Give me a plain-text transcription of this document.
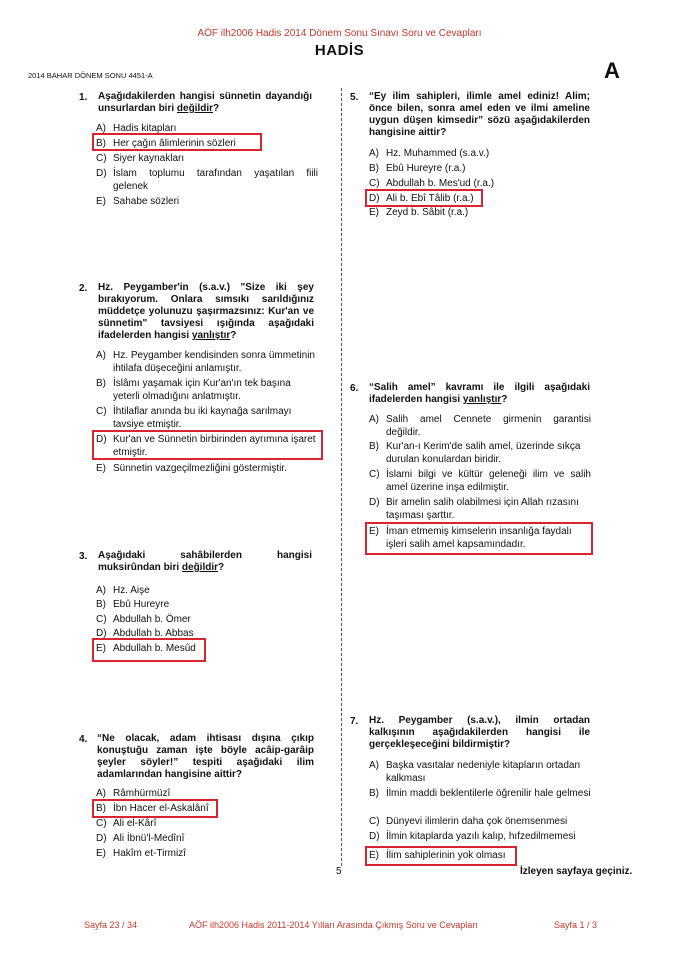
AÖF ilh2006 Hadis 2014 Dönem Sonu Sınavı Soru ve Cevapları
HADİS
2014 BAHAR DÖNEM SONU 4451-A	A
1. Aşağıdakilerden hangisi sünnetin dayandığı unsurlardan biri değildir?
A) Hadis kitapları
B) Her çağın âlimlerinin sözleri
C) Siyer kaynakları
D) İslam toplumu tarafından yaşatılan fiili gelenek
E) Sahabe sözleri
2. Hz. Peygamber'in (s.a.v.) "Size iki şey bırakıyorum. Onlara sımsıkı sarıldığınız müddetçe yolunuzu şaşırmazsınız: Kur'an ve sünnetim" tavsiyesi ışığında aşağıdaki ifadelerden hangisi yanlıştır?
A) Hz. Peygamber kendisinden sonra ümmetinin ihtilafa düşeceğini anlamıştır.
B) İslâmı yaşamak için Kur'an'ın tek başına yeterli olmadığını anlatmıştır.
C) İhtilaflar anında bu iki kaynağa sarılmayı tavsiye etmiştir.
D) Kur'an ve Sünnetin birbirinden ayrımına işaret etmiştir.
E) Sünnetin vazgeçilmezliğini göstermiştir.
3. Aşağıdaki sahâbilerden hangisi muksirûndan biri değildir?
A) Hz. Aişe
B) Ebû Hureyre
C) Abdullah b. Ömer
D) Abdullah b. Abbas
E) Abdullah b. Mesûd
4. “Ne olacak, adam ihtisası dışına çıkıp konuştuğu zaman işte böyle acâip-garâip şeyler söyler!” tespiti aşağıdaki ilim adamlarından hangisine aittir?
A) Râmhürmüzî
B) İbn Hacer el-Askalânî
C) Ali el-Kârî
D) Ali İbnü'l-Medînî
E) Hakîm et-Tirmizî
5. “Ey ilim sahipleri, ilimle amel ediniz! Alim; önce bilen, sonra amel eden ve ilmi ameline uygun düşen kimsedir” sözü aşağıdakilerden hangisine aittir?
A) Hz. Muhammed (s.a.v.)
B) Ebû Hureyre (r.a.)
C) Abdullah b. Mes'ud (r.a.)
D) Ali b. Ebî Tâlib (r.a.)
E) Zeyd b. Sâbit (r.a.)
6. “Salih amel” kavramı ile ilgili aşağıdaki ifadelerden hangisi yanlıştır?
A) Salih amel Cennete girmenin garantisi değildir.
B) Kur'an-ı Kerim'de salih amel, üzerinde sıkça durulan konulardan biridir.
C) İslami bilgi ve kültür geleneği ilim ve salih amel üzerine inşa edilmiştir.
D) Bir amelin salih olabilmesi için Allah rızasını taşıması şarttır.
E) İman etmemiş kimselerin insanlığa faydalı işleri salih amel kapsamındadır.
7. Hz. Peygamber (s.a.v.), ilmin ortadan kalkışının aşağıdakilerden hangisi ile gerçekleşeceğini bildirmiştir?
A) Başka vasıtalar nedeniyle kitapların ortadan kalkması
B) İlmin maddi beklentilerle öğrenilir hale gelmesi
C) Dünyevi ilimlerin daha çok önemsenmesi
D) İlmin kitaplarda yazılı kalıp, hıfzedilmemesi
E) İlim sahiplerinin yok olması
5	İzleyen sayfaya geçiniz.
Sayfa 23 / 34	AÖF ilh2006 Hadis 2011-2014 Yılları Arasında Çıkmış Soru ve Cevapları	Sayfa 1 / 3
